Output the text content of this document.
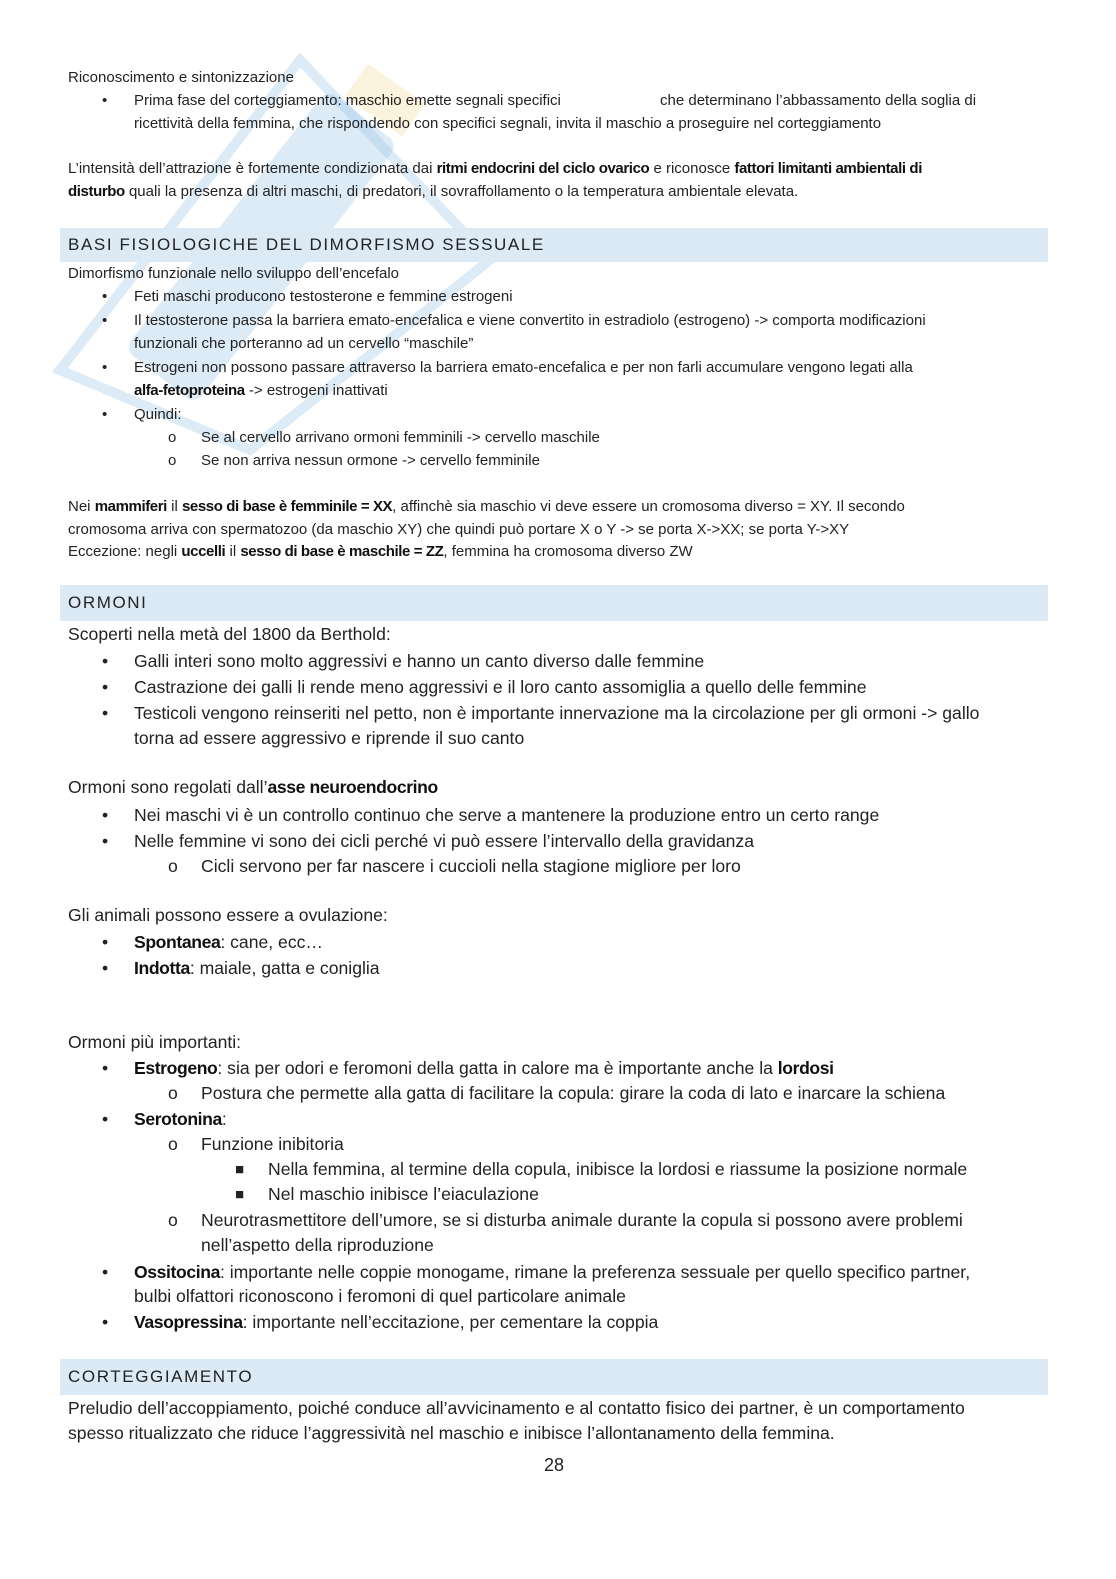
Riconoscimento e sintonizzazione
• Prima fase del corteggiamento: maschio emette segnali specifici	che determinano l’abbassamento della soglia di
ricettività della femmina, che rispondendo con specifici segnali, invita il maschio a proseguire nel corteggiamento
L’intensità dell’attrazione è fortemente condizionata dai ritmi endocrini del ciclo ovarico e riconosce fattori limitanti ambientali di
disturbo quali la presenza di altri maschi, di predatori, il sovraffollamento o la temperatura ambientale elevata.
BASI FISIOLOGICHE DEL DIMORFISMO SESSUALE
Dimorfismo funzionale nello sviluppo dell’encefalo
• Feti maschi producono testosterone e femmine estrogeni
• Il testosterone passa la barriera emato-encefalica e viene convertito in estradiolo (estrogeno) -> comporta modificazioni
funzionali che porteranno ad un cervello “maschile”
• Estrogeni non possono passare attraverso la barriera emato-encefalica e per non farli accumulare vengono legati alla
alfa-fetoproteina -> estrogeni inattivati
• Quindi:
o Se al cervello arrivano ormoni femminili -> cervello maschile
o Se non arriva nessun ormone -> cervello femminile
Nei mammiferi il sesso di base è femminile = XX, affinchè sia maschio vi deve essere un cromosoma diverso = XY. Il secondo
cromosoma arriva con spermatozoo (da maschio XY) che quindi può portare X o Y -> se porta X->XX; se porta Y->XY
Eccezione: negli uccelli il sesso di base è maschile = ZZ, femmina ha cromosoma diverso ZW
ORMONI
Scoperti nella metà del 1800 da Berthold:
• Galli interi sono molto aggressivi e hanno un canto diverso dalle femmine
• Castrazione dei galli li rende meno aggressivi e il loro canto assomiglia a quello delle femmine
• Testicoli vengono reinseriti nel petto, non è importante innervazione ma la circolazione per gli ormoni -> gallo
torna ad essere aggressivo e riprende il suo canto
Ormoni sono regolati dall’asse neuroendocrino
• Nei maschi vi è un controllo continuo che serve a mantenere la produzione entro un certo range
• Nelle femmine vi sono dei cicli perché vi può essere l’intervallo della gravidanza
o Cicli servono per far nascere i cuccioli nella stagione migliore per loro
Gli animali possono essere a ovulazione:
• Spontanea: cane, ecc…
• Indotta: maiale, gatta e coniglia
Ormoni più importanti:
• Estrogeno: sia per odori e feromoni della gatta in calore ma è importante anche la lordosi
o Postura che permette alla gatta di facilitare la copula: girare la coda di lato e inarcare la schiena
• Serotonina:
o Funzione inibitoria
■ Nella femmina, al termine della copula, inibisce la lordosi e riassume la posizione normale
■ Nel maschio inibisce l’eiaculazione
o Neurotrasmettitore dell’umore, se si disturba animale durante la copula si possono avere problemi
nell’aspetto della riproduzione
• Ossitocina: importante nelle coppie monogame, rimane la preferenza sessuale per quello specifico partner,
bulbi olfattori riconoscono i feromoni di quel particolare animale
• Vasopressina: importante nell’eccitazione, per cementare la coppia
CORTEGGIAMENTO
Preludio dell’accoppiamento, poiché conduce all’avvicinamento e al contatto fisico dei partner, è un comportamento
spesso ritualizzato che riduce l’aggressività nel maschio e inibisce l’allontanamento della femmina.
28
